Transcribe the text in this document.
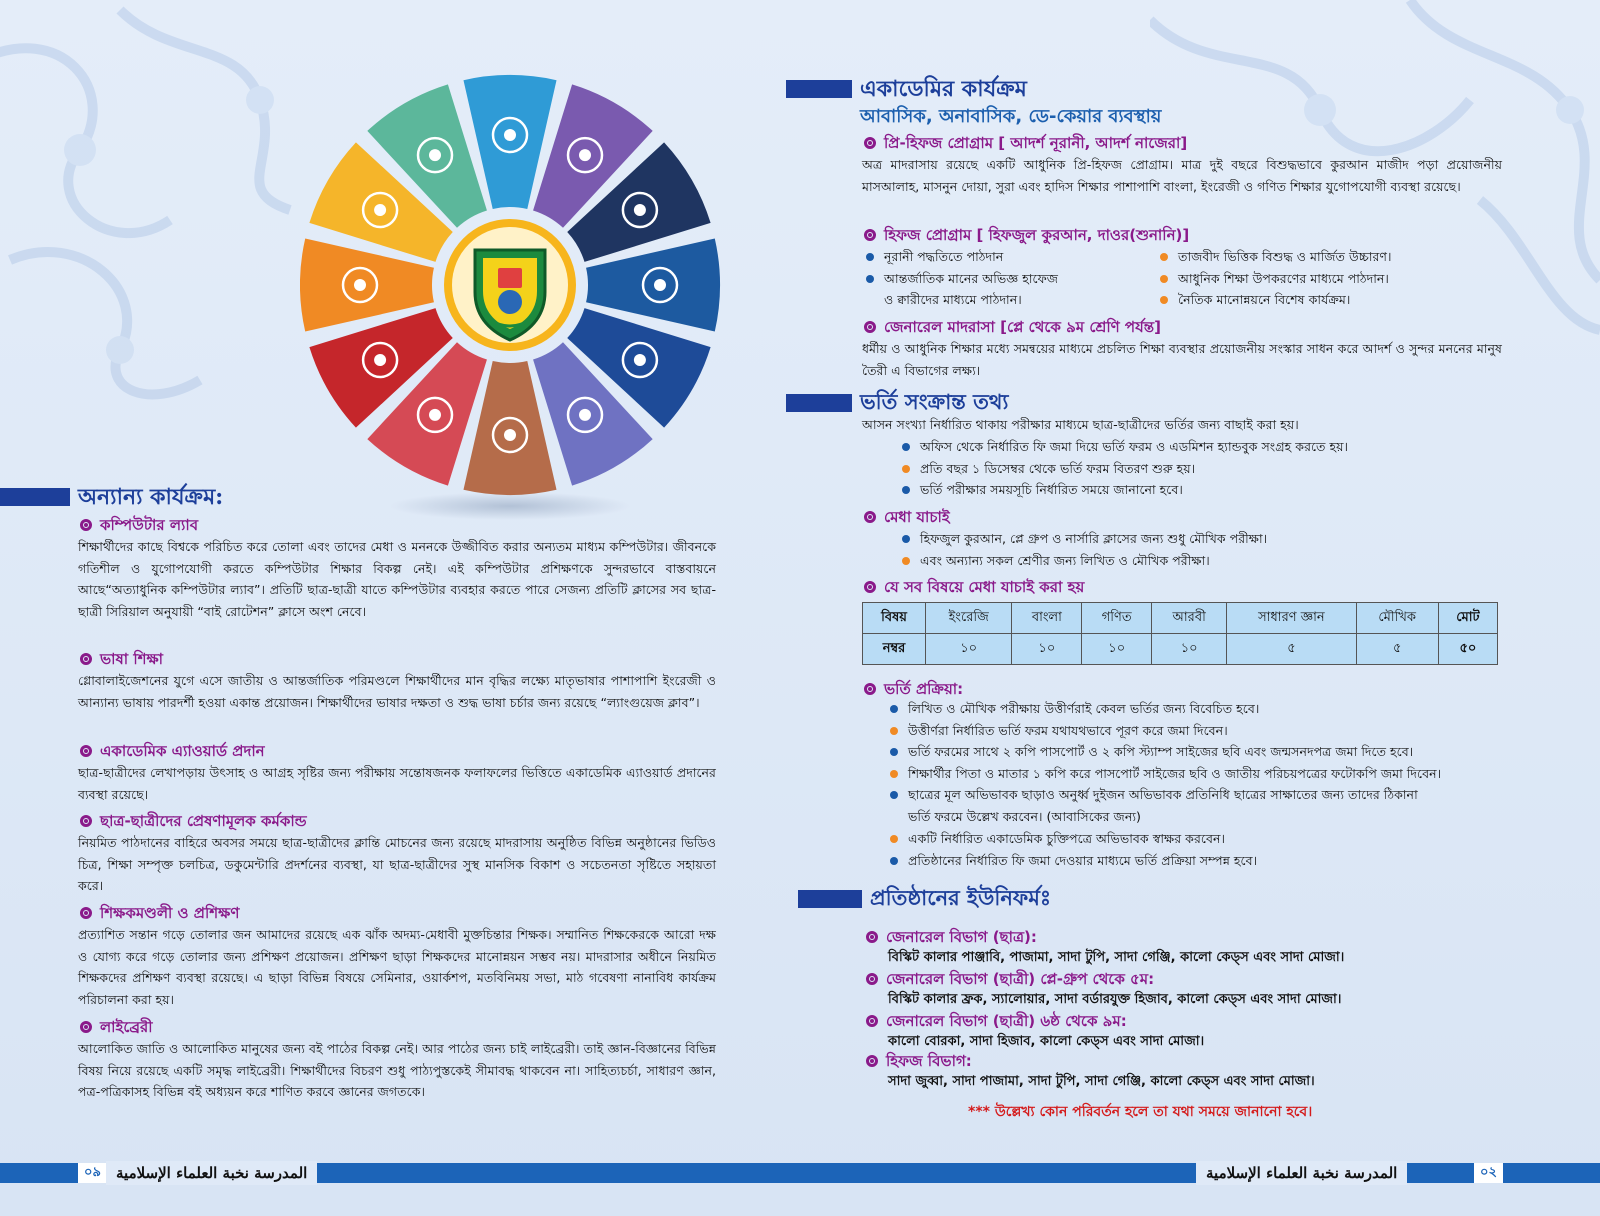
অন্যান্য কার্যক্রম:
কম্পিউটার ল্যাব
শিক্ষার্থীদের কাছে বিশ্বকে পরিচিত করে তোলা এবং তাদের মেধা ও মননকে উজ্জীবিত করার অন্যতম মাধ্যম কম্পিউটার। জীবনকে গতিশীল ও যুগোপযোগী করতে কম্পিউটার শিক্ষার বিকল্প নেই। এই কম্পিউটার প্রশিক্ষণকে সুন্দরভাবে বাস্তবায়নে আছে“অত্যাধুনিক কম্পিউটার ল্যাব”। প্রতিটি ছাত্র-ছাত্রী যাতে কম্পিউটার ব্যবহার করতে পারে সেজন্য প্রতিটি ক্লাসের সব ছাত্র-ছাত্রী সিরিয়াল অনুযায়ী “বাই রোটেশন” ক্লাসে অংশ নেবে।
ভাষা শিক্ষা
গ্লোবালাইজেশনের যুগে এসে জাতীয় ও আন্তর্জাতিক পরিমণ্ডলে শিক্ষার্থীদের মান বৃদ্ধির লক্ষ্যে মাতৃভাষার পাশাপাশি ইংরেজী ও আন্যান্য ভাষায় পারদর্শী হওয়া একান্ত প্রয়োজন। শিক্ষার্থীদের ভাষার দক্ষতা ও শুদ্ধ ভাষা চর্চার জন্য রয়েছে “ল্যাংগুয়েজ ক্লাব”।
একাডেমিক এ্যাওয়ার্ড প্রদান
ছাত্র-ছাত্রীদের লেখাপড়ায় উৎসাহ ও আগ্রহ সৃষ্টির জন্য পরীক্ষায় সন্তোষজনক ফলাফলের ভিত্তিতে একাডেমিক এ্যাওয়ার্ড প্রদানের ব্যবস্থা রয়েছে।
ছাত্র-ছাত্রীদের প্রেষণামূলক কর্মকান্ড
নিয়মিত পাঠদানের বাহিরে অবসর সময়ে ছাত্র-ছাত্রীদের ক্লান্তি মোচনের জন্য রয়েছে মাদরাসায় অনুষ্ঠিত বিভিন্ন অনুষ্ঠানের ভিডিও চিত্র, শিক্ষা সম্পৃক্ত চলচিত্র, ডকুমেন্টারি প্রদর্শনের ব্যবস্থা, যা ছাত্র-ছাত্রীদের সুস্থ মানসিক বিকাশ ও সচেতনতা সৃষ্টিতে সহায়তা করে।
শিক্ষকমণ্ডলী ও প্রশিক্ষণ
প্রত্যাশিত সন্তান গড়ে তোলার জন আমাদের রয়েছে এক ঝাঁক অদম্য-মেধাবী মুক্তচিন্তার শিক্ষক। সম্মানিত শিক্ষকেরকে আরো দক্ষ ও যোগ্য করে গড়ে তোলার জন্য প্রশিক্ষণ প্রয়োজন। প্রশিক্ষণ ছাড়া শিক্ষকদের মানোন্নয়ন সম্ভব নয়। মাদরাসার অধীনে নিয়মিত শিক্ষকদের প্রশিক্ষণ ব্যবস্থা রয়েছে। এ ছাড়া বিভিন্ন বিষয়ে সেমিনার, ওয়ার্কশপ, মতবিনিময় সভা, মাঠ গবেষণা নানাবিধ কার্যক্রম পরিচালনা করা হয়।
লাইব্রেরী
আলোকিত জাতি ও আলোকিত মানুষের জন্য বই পাঠের বিকল্প নেই। আর পাঠের জন্য চাই লাইব্রেরী। তাই জ্ঞান-বিজ্ঞানের বিভিন্ন বিষয় নিয়ে রয়েছে একটি সমৃদ্ধ লাইব্রেরী। শিক্ষার্থীদের বিচরণ শুধু পাঠ্যপুস্তকেই সীমাবদ্ধ থাকবেন না। সাহিত্যচর্চা, সাধারণ জ্ঞান, পত্র-পত্রিকাসহ বিভিন্ন বই অধ্যয়ন করে শাণিত করবে জ্ঞানের জগতকে।
একাডেমির কার্যক্রম
আবাসিক, অনাবাসিক, ডে-কেয়ার ব্যবস্থায়
প্রি-হিফজ প্রোগ্রাম [ আদর্শ নূরানী, আদর্শ নাজেরা]
অত্র মাদরাসায় রয়েছে একটি আধুনিক প্রি-হিফজ প্রোগ্রাম। মাত্র দুই বছরে বিশুদ্ধভাবে কুরআন মাজীদ পড়া প্রয়োজনীয় মাসআলাহ, মাসনুন দোয়া, সুরা এবং হাদিস শিক্ষার পাশাপাশি বাংলা, ইংরেজী ও গণিত শিক্ষার যুগোপযোগী ব্যবস্থা রয়েছে।
হিফজ প্রোগ্রাম [ হিফজুল কুরআন, দাওর(শুনানি)]
নূরানী পদ্ধতিতে পাঠদান
আন্তর্জাতিক মানের অভিজ্ঞ হাফেজ
ও ক্বারীদের মাধ্যমে পাঠদান।
তাজবীদ ভিত্তিক বিশুদ্ধ ও মার্জিত উচ্চারণ।
আধুনিক শিক্ষা উপকরণের মাধ্যমে পাঠদান।
নৈতিক মানোন্নয়নে বিশেষ কার্যক্রম।
জেনারেল মাদরাসা [প্লে থেকে ৯ম শ্রেণি পর্যন্ত]
ধর্মীয় ও আধুনিক শিক্ষার মধ্যে সমন্বয়ের মাধ্যমে প্রচলিত শিক্ষা ব্যবস্থার প্রয়োজনীয় সংস্কার সাধন করে আদর্শ ও সুন্দর মননের মানুষ তৈরী এ বিভাগের লক্ষ্য।
ভর্তি সংক্রান্ত তথ্য
আসন সংখ্যা নির্ধারিত থাকায় পরীক্ষার মাধ্যমে ছাত্র-ছাত্রীদের ভর্তির জন্য বাছাই করা হয়।
অফিস থেকে নির্ধারিত ফি জমা দিয়ে ভর্তি ফরম ও এডমিশন হ্যান্ডবুক সংগ্রহ করতে হয়।
প্রতি বছর ১ ডিসেম্বর থেকে ভর্তি ফরম বিতরণ শুরু হয়।
ভর্তি পরীক্ষার সময়সূচি নির্ধারিত সময়ে জানানো হবে।
মেধা যাচাই
হিফজুল কুরআন, প্লে গ্রুপ ও নার্সারি ক্লাসের জন্য শুধু মৌখিক পরীক্ষা।
এবং অন্যান্য সকল শ্রেণীর জন্য লিখিত ও মৌখিক পরীক্ষা।
যে সব বিষয়ে মেধা যাচাই করা হয়
বিষয়	ইংরেজি	বাংলা	গণিত	আরবী	সাধারণ জ্ঞান	মৌখিক	মোট
নম্বর	১০	১০	১০	১০	৫	৫	৫০
ভর্তি প্রক্রিয়া:
লিখিত ও মৌখিক পরীক্ষায় উত্তীর্ণরাই কেবল ভর্তির জন্য বিবেচিত হবে।
উত্তীর্ণরা নির্ধারিত ভর্তি ফরম যথাযথভাবে পূরণ করে জমা দিবেন।
ভর্তি ফরমের সাথে ২ কপি পাসপোর্ট ও ২ কপি স্ট্যাম্প সাইজের ছবি এবং জন্মসনদপত্র জমা দিতে হবে।
শিক্ষার্থীর পিতা ও মাতার ১ কপি করে পাসপোর্ট সাইজের ছবি ও জাতীয় পরিচয়পত্রের ফটোকপি জমা দিবেন।
ছাত্রের মূল অভিভাবক ছাড়াও অনুর্ধ্ব দুইজন অভিভাবক প্রতিনিধি ছাত্রের সাক্ষাতের জন্য তাদের ঠিকানা
ভর্তি ফরমে উল্লেখ করবেন। (আবাসিকের জন্য)
একটি নির্ধারিত একাডেমিক চুক্তিপত্রে অভিভাবক স্বাক্ষর করবেন।
প্রতিষ্ঠানের নির্ধারিত ফি জমা দেওয়ার মাধ্যমে ভর্তি প্রক্রিয়া সম্পন্ন হবে।
প্রতিষ্ঠানের ইউনিফর্মঃ
জেনারেল বিভাগ (ছাত্র):
বিস্কিট কালার পাঞ্জাবি, পাজামা, সাদা টুপি, সাদা গেঞ্জি, কালো কেড্‌স এবং সাদা মোজা।
জেনারেল বিভাগ (ছাত্রী) প্লে-গ্রুপ থেকে ৫ম:
বিস্কিট কালার ফ্রক, স্যালোয়ার, সাদা বর্ডারযুক্ত হিজাব, কালো কেড্‌স এবং সাদা মোজা।
জেনারেল বিভাগ (ছাত্রী) ৬ষ্ঠ থেকে ৯ম:
কালো বোরকা, সাদা হিজাব, কালো কেড্‌স এবং সাদা মোজা।
হিফজ বিভাগ:
সাদা জুব্বা, সাদা পাজামা, সাদা টুপি, সাদা গেঞ্জি, কালো কেড্‌স এবং সাদা মোজা।
*** উল্লেখ্য কোন পরিবর্তন হলে তা যথা সময়ে জানানো হবে।
০৯	المدرسة نخبة العلماء الإسلامية	المدرسة نخبة العلماء الإسلامية	০২
